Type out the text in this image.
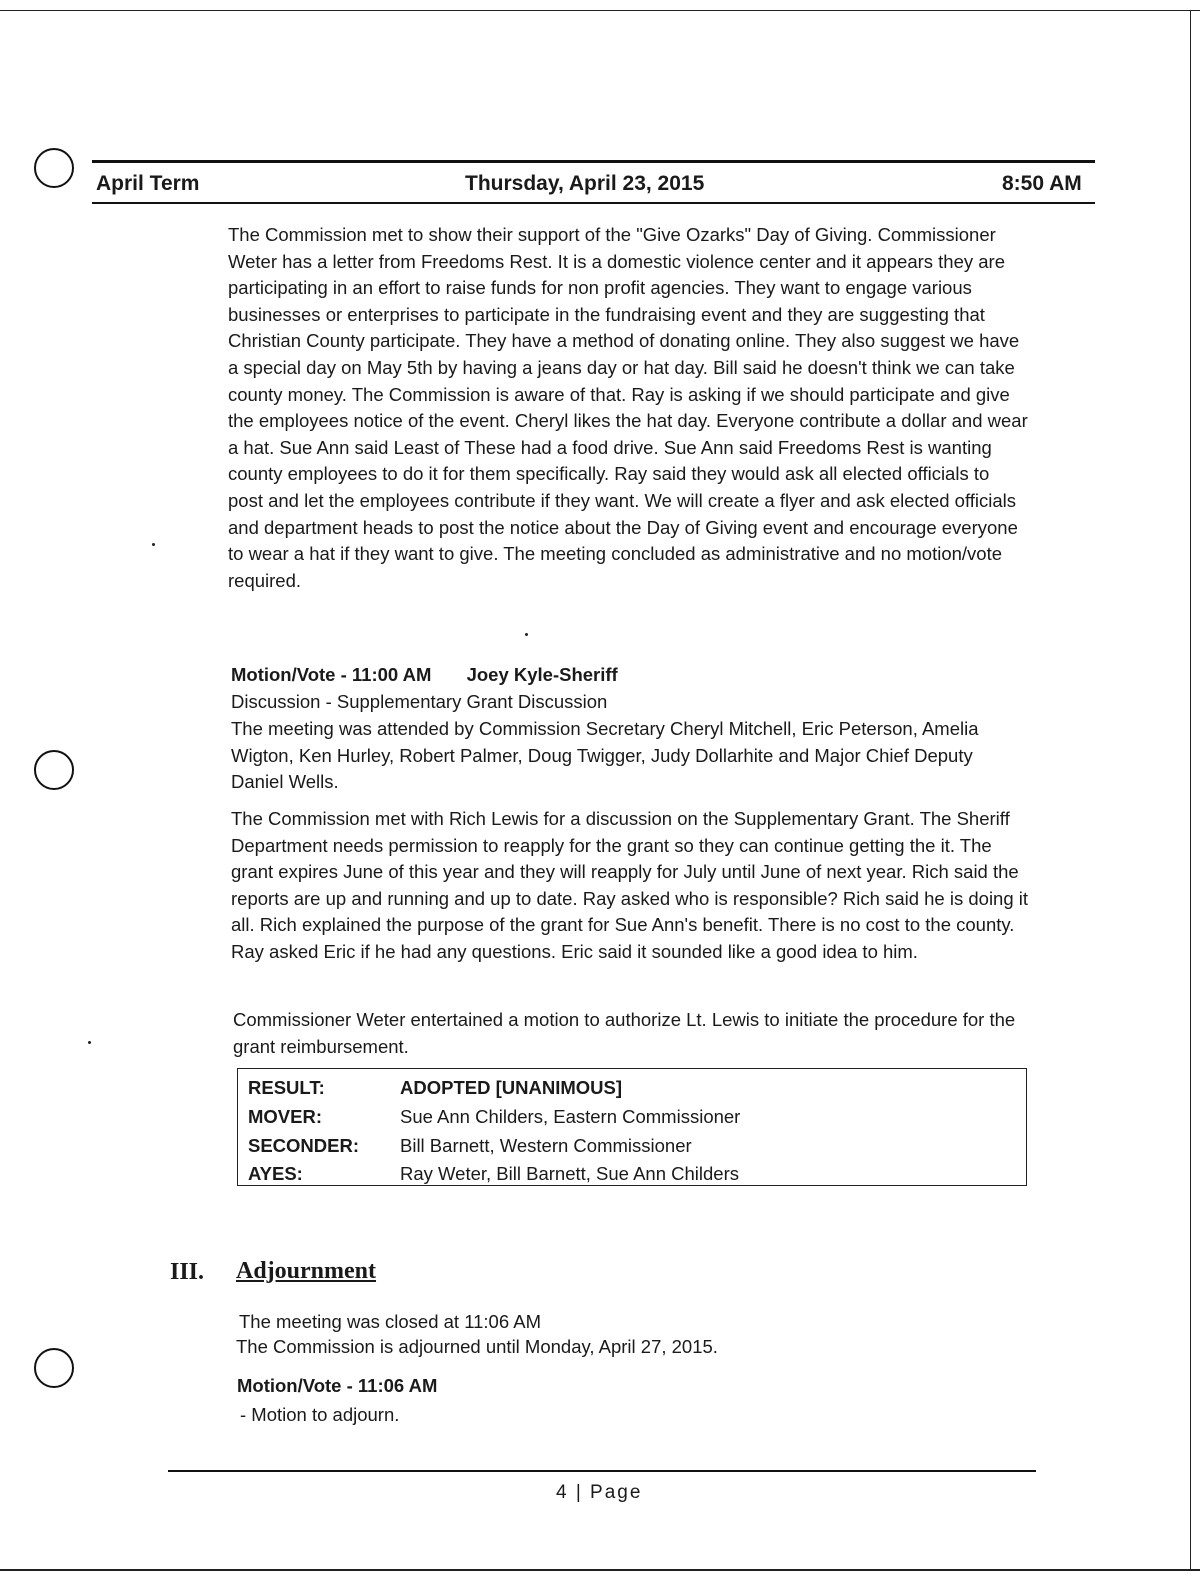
April Term	Thursday, April 23, 2015	8:50 AM
The Commission met to show their support of the "Give Ozarks" Day of Giving. Commissioner Weter has a letter from Freedoms Rest. It is a domestic violence center and it appears they are participating in an effort to raise funds for non profit agencies. They want to engage various businesses or enterprises to participate in the fundraising event and they are suggesting that Christian County participate. They have a method of donating online. They also suggest we have a special day on May 5th by having a jeans day or hat day. Bill said he doesn't think we can take county money. The Commission is aware of that. Ray is asking if we should participate and give the employees notice of the event. Cheryl likes the hat day. Everyone contribute a dollar and wear a hat. Sue Ann said Least of These had a food drive. Sue Ann said Freedoms Rest is wanting county employees to do it for them specifically. Ray said they would ask all elected officials to post and let the employees contribute if they want. We will create a flyer and ask elected officials and department heads to post the notice about the Day of Giving event and encourage everyone to wear a hat if they want to give. The meeting concluded as administrative and no motion/vote required.
Motion/Vote - 11:00 AM Joey Kyle-Sheriff
Discussion - Supplementary Grant Discussion
The meeting was attended by Commission Secretary Cheryl Mitchell, Eric Peterson, Amelia Wigton, Ken Hurley, Robert Palmer, Doug Twigger, Judy Dollarhite and Major Chief Deputy Daniel Wells.
The Commission met with Rich Lewis for a discussion on the Supplementary Grant. The Sheriff Department needs permission to reapply for the grant so they can continue getting the it. The grant expires June of this year and they will reapply for July until June of next year. Rich said the reports are up and running and up to date. Ray asked who is responsible? Rich said he is doing it all. Rich explained the purpose of the grant for Sue Ann's benefit. There is no cost to the county. Ray asked Eric if he had any questions. Eric said it sounded like a good idea to him.
Commissioner Weter entertained a motion to authorize Lt. Lewis to initiate the procedure for the grant reimbursement.
RESULT:	ADOPTED [UNANIMOUS]
MOVER:	Sue Ann Childers, Eastern Commissioner
SECONDER: Bill Barnett, Western Commissioner
AYES:	Ray Weter, Bill Barnett, Sue Ann Childers
III. Adjournment
The meeting was closed at 11:06 AM
The Commission is adjourned until Monday, April 27, 2015.
Motion/Vote - 11:06 AM
- Motion to adjourn.
4 | Page
